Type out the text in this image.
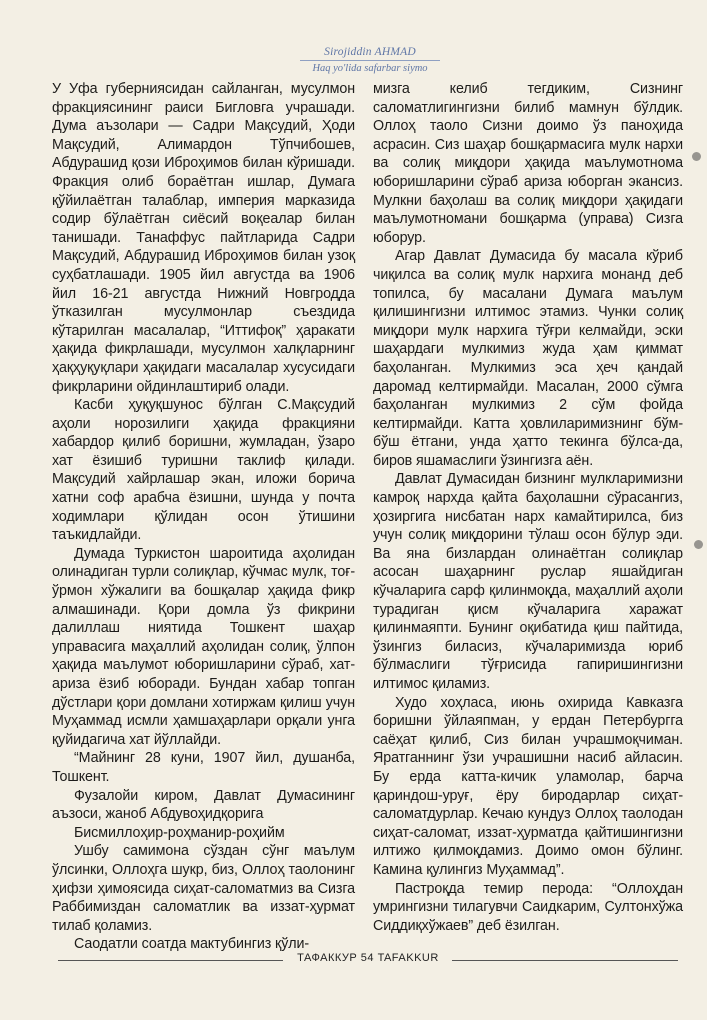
Sirojiddin AHMAD
Haq yo'lida safarbar siymo

У Уфа губерниясидан сайланган, мусулмон фракциясининг раиси Бигловга учрашади. Дума аъзолари — Садри Мақсудий, Ҳоди Мақсудий, Алимардон Тўпчибошев, Абдурашид қози Иброҳимов билан кўришади. Фракция олиб бораётган ишлар, Думага қўйилаётган талаблар, империя марказида содир бўлаётган сиёсий воқеалар билан танишади. Танаффус пайтларида Садри Мақсудий, Абдурашид Иброҳимов билан узоқ суҳбатлашади. 1905 йил августда ва 1906 йил 16-21 августда Нижний Новгродда ўтказилган мусулмонлар съездида кўтарилган масалалар, “Иттифоқ” ҳаракати ҳақида фикрлашади, мусулмон халқларнинг ҳақҳуқуқлари ҳақидаги масалалар хусусидаги фикрларини ойдинлаштириб олади.

Касби ҳуқуқшунос бўлган С.Мақсудий аҳоли норозилиги ҳақида фракцияни хабардор қилиб боришни, жумладан, ўзаро хат ёзишиб туришни таклиф қилади. Мақсудий хайрлашар экан, иложи борича хатни соф арабча ёзишни, шунда у почта ходимлари қўлидан осон ўтишини таъкидлайди.

Думада Туркистон шароитида аҳолидан олинадиган турли солиқлар, кўчмас мулк, тоғ-ўрмон хўжалиги ва бошқалар ҳақида фикр алмашинади. Қори домла ўз фикрини далиллаш ниятида Тошкент шаҳар управасига маҳаллий аҳолидан солиқ, ўлпон ҳақида маълумот юборишларини сўраб, хат-ариза ёзиб юборади. Бундан хабар топган дўстлари қори домлани хотиржам қилиш учун Муҳаммад исмли ҳамшаҳарлари орқали унга қуйидагича хат йўллайди.

“Майнинг 28 куни, 1907 йил, душанба, Тошкент.

Фузалойи киром, Давлат Думасининг аъзоси, жаноб Абдувоҳидқорига

Бисмиллоҳир-роҳманир-роҳийм

Ушбу самимона сўздан сўнг маълум ўлсинки, Оллоҳга шукр, биз, Оллоҳ таолонинг ҳифзи ҳимоясида сиҳат-саломатмиз ва Сизга Раббимиздан саломатлик ва иззат-ҳурмат тилаб қоламиз.

Саодатли соатда мактубингиз қўли-

мизга келиб тегдиким, Сизнинг саломатлигингизни билиб мамнун бўлдик. Оллоҳ таоло Сизни доимо ўз паноҳида асрасин. Сиз шаҳар бошқармасига мулк нархи ва солиқ миқдори ҳақида маълумотнома юборишларини сўраб ариза юборган экансиз. Мулкни баҳолаш ва солиқ миқдори ҳақидаги маълумотномани бошқарма (управа) Сизга юборур.

Агар Давлат Думасида бу масала кўриб чиқилса ва солиқ мулк нархига монанд деб топилса, бу масалани Думага маълум қилишингизни илтимос этамиз. Чунки солиқ миқдори мулк нархига тўғри келмайди, эски шаҳардаги мулкимиз жуда ҳам қиммат баҳоланган. Мулкимиз эса ҳеч қандай даромад келтирмайди. Масалан, 2000 сўмга баҳоланган мулкимиз 2 сўм фойда келтирмайди. Катта ҳовлиларимизнинг бўм-бўш ётгани, унда ҳатто текинга бўлса-да, биров яшамаслиги ўзингизга аён.

Давлат Думасидан бизнинг мулкларимизни камроқ нархда қайта баҳолашни сўрасангиз, ҳозиргига нисбатан нарх камайтирилса, биз учун солиқ миқдорини тўлаш осон бўлур эди. Ва яна бизлардан олинаётган солиқлар асосан шаҳарнинг руслар яшайдиган кўчаларига сарф қилинмоқда, маҳаллий аҳоли турадиган қисм кўчаларига харажат қилинмаяпти. Бунинг оқибатида қиш пайтида, ўзингиз биласиз, кўчаларимизда юриб бўлмаслиги тўғрисида гапиришингизни илтимос қиламиз.

Худо хоҳласа, июнь охирида Кавказга боришни ўйлаяпман, у ердан Петербургга саёҳат қилиб, Сиз билан учрашмоқчиман. Яратганнинг ўзи учрашишни насиб айласин. Бу ерда катта-кичик уламолар, барча қариндош-уруғ, ёру биродарлар сиҳат-саломатдурлар. Кечаю кундуз Оллоҳ таолодан сиҳат-саломат, иззат-ҳурматда қайтишингизни илтижо қилмоқдамиз. Доимо омон бўлинг. Камина қулингиз Муҳаммад”.

Пастроқда темир перода: “Оллоҳдан умрингизни тилагувчи Саидкарим, Султонхўжа Сиддиқхўжаев” деб ёзилган.

ТАФАККУР 54 TAFAKKUR
